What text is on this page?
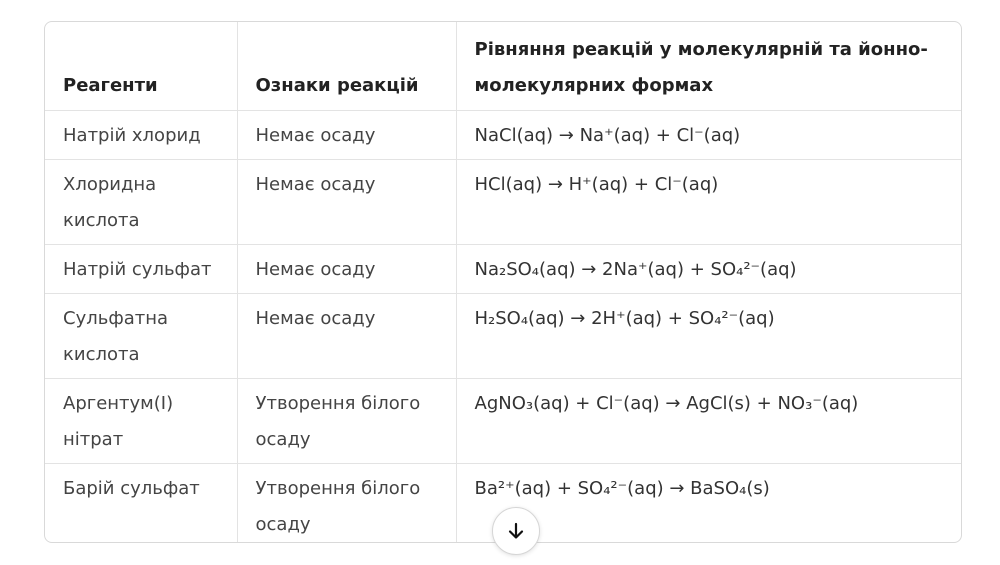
Реагенти	Ознаки реакцій	Рівняння реакцій у молекулярній та йонно-молекулярних формах
Натрій хлорид	Немає осаду	NaCl(aq) → Na⁺(aq) + Cl⁻(aq)
Хлоридна кислота	Немає осаду	HCl(aq) → H⁺(aq) + Cl⁻(aq)
Натрій сульфат	Немає осаду	Na₂SO₄(aq) → 2Na⁺(aq) + SO₄²⁻(aq)
Сульфатна кислота	Немає осаду	H₂SO₄(aq) → 2H⁺(aq) + SO₄²⁻(aq)
Аргентум(I) нітрат	Утворення білого осаду	AgNO₃(aq) + Cl⁻(aq) → AgCl(s) + NO₃⁻(aq)
Барій сульфат	Утворення білого осаду	Ba²⁺(aq) + SO₄²⁻(aq) → BaSO₄(s)
